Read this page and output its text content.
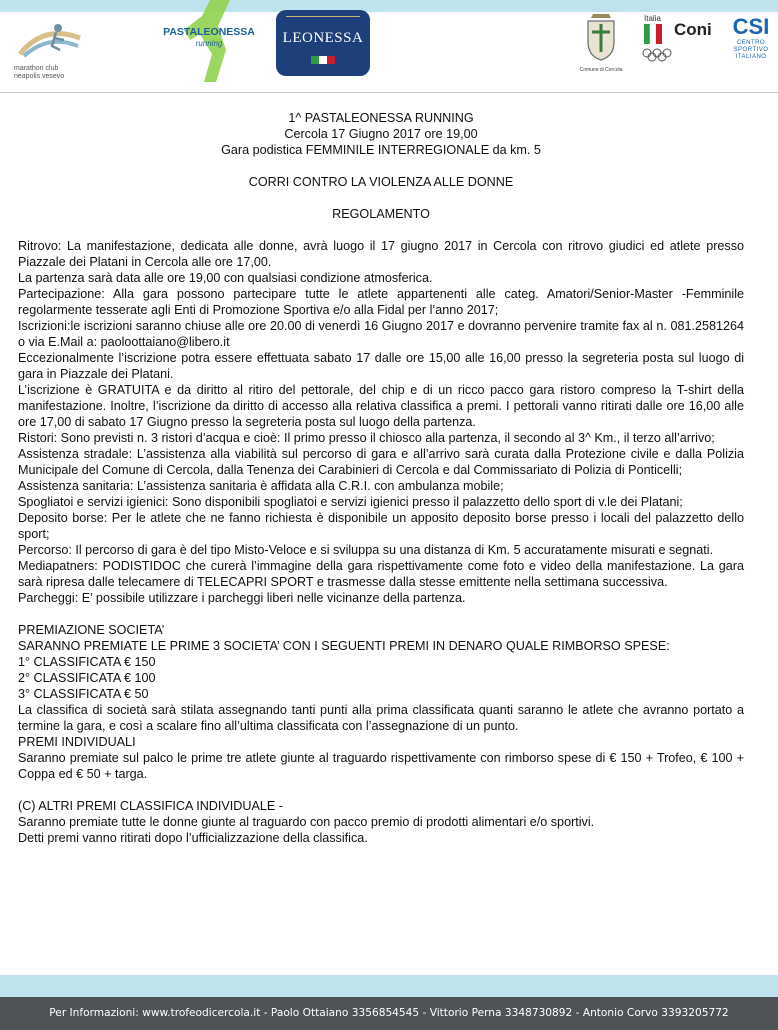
marathon club
neapolis vesevo
PASTALEONESSA
running	LEONESSA
Comune di Cercola
Italia
Coni CSI
CENTRO
SPORTIVO
ITALIANO

1^ PASTALEONESSA RUNNING

Cercola 17 Giugno 2017 ore 19,00

Gara podistica FEMMINILE INTERREGIONALE da km. 5

CORRI CONTRO LA VIOLENZA ALLE DONNE

REGOLAMENTO

Ritrovo: La manifestazione, dedicata alle donne, avrà luogo il 17 giugno 2017 in Cercola con ritrovo giudici ed atlete presso Piazzale dei Platani in Cercola alle ore 17,00.

La partenza sarà data alle ore 19,00 con qualsiasi condizione atmosferica.

Partecipazione: Alla gara possono partecipare tutte le atlete appartenenti alle categ. Amatori/Senior-Master -Femminile regolarmente tesserate agli Enti di Promozione Sportiva e/o alla Fidal per l’anno 2017;

Iscrizioni:le iscrizioni saranno chiuse alle ore 20.00 di venerdì 16 Giugno 2017 e dovranno pervenire tramite fax al n. 081.2581264 o via E.Mail a: paoloottaiano@libero.it

Eccezionalmente l’iscrizione potra essere effettuata sabato 17 dalle ore 15,00 alle 16,00 presso la segreteria posta sul luogo di gara in Piazzale dei Platani.

L’iscrizione è GRATUITA e da diritto al ritiro del pettorale, del chip e di un ricco pacco gara ristoro compreso la T-shirt della manifestazione. Inoltre, l’iscrizione da diritto di accesso alla relativa classifica a premi. I pettorali vanno ritirati dalle ore 16,00 alle ore 17,00 di sabato 17 Giugno presso la segreteria posta sul luogo della partenza.

Ristori: Sono previsti n. 3 ristori d’acqua e cioè: Il primo presso il chiosco alla partenza, il secondo al 3^ Km., il terzo all’arrivo;

Assistenza stradale: L’assistenza alla viabilità sul percorso di gara e all’arrivo sarà curata dalla Protezione civile e dalla Polizia Municipale del Comune di Cercola, dalla Tenenza dei Carabinieri di Cercola e dal Commissariato di Polizia di Ponticelli;

Assistenza sanitaria: L’assistenza sanitaria è affidata alla C.R.I. con ambulanza mobile;

Spogliatoi e servizi igienici: Sono disponibili spogliatoi e servizi igienici presso il palazzetto dello sport di v.le dei Platani;

Deposito borse: Per le atlete che ne fanno richiesta è disponibile un apposito deposito borse presso i locali del palazzetto dello sport;

Percorso: Il percorso di gara è del tipo Misto-Veloce e si sviluppa su una distanza di Km. 5 accuratamente misurati e segnati.

Mediapatners: PODISTIDOC che curerà l’immagine della gara rispettivamente come foto e video della manifestazione. La gara sarà ripresa dalle telecamere di TELECAPRI SPORT e trasmesse dalla stesse emittente nella settimana successiva.

Parcheggi: E’ possibile utilizzare i parcheggi liberi nelle vicinanze della partenza.

PREMIAZIONE SOCIETA’

SARANNO PREMIATE LE PRIME 3 SOCIETA’ CON I SEGUENTI PREMI IN DENARO QUALE RIMBORSO SPESE:

1° CLASSIFICATA € 150

2° CLASSIFICATA € 100

3° CLASSIFICATA € 50

La classifica di società sarà stilata assegnando tanti punti alla prima classificata quanti saranno le atlete che avranno portato a termine la gara, e così a scalare fino all’ultima classificata con l’assegnazione di un punto.

PREMI INDIVIDUALI

Saranno premiate sul palco le prime tre atlete giunte al traguardo rispettivamente con rimborso spese di € 150 + Trofeo, € 100 + Coppa ed € 50 + targa.

(C) ALTRI PREMI CLASSIFICA INDIVIDUALE -

Saranno premiate tutte le donne giunte al traguardo con pacco premio di prodotti alimentari e/o sportivi.

Detti premi vanno ritirati dopo l’ufficializzazione della classifica.

Per Informazioni: www.trofeodicercola.it - Paolo Ottaiano 3356854545 - Vittorio Perna 3348730892 - Antonio Corvo 3393205772
